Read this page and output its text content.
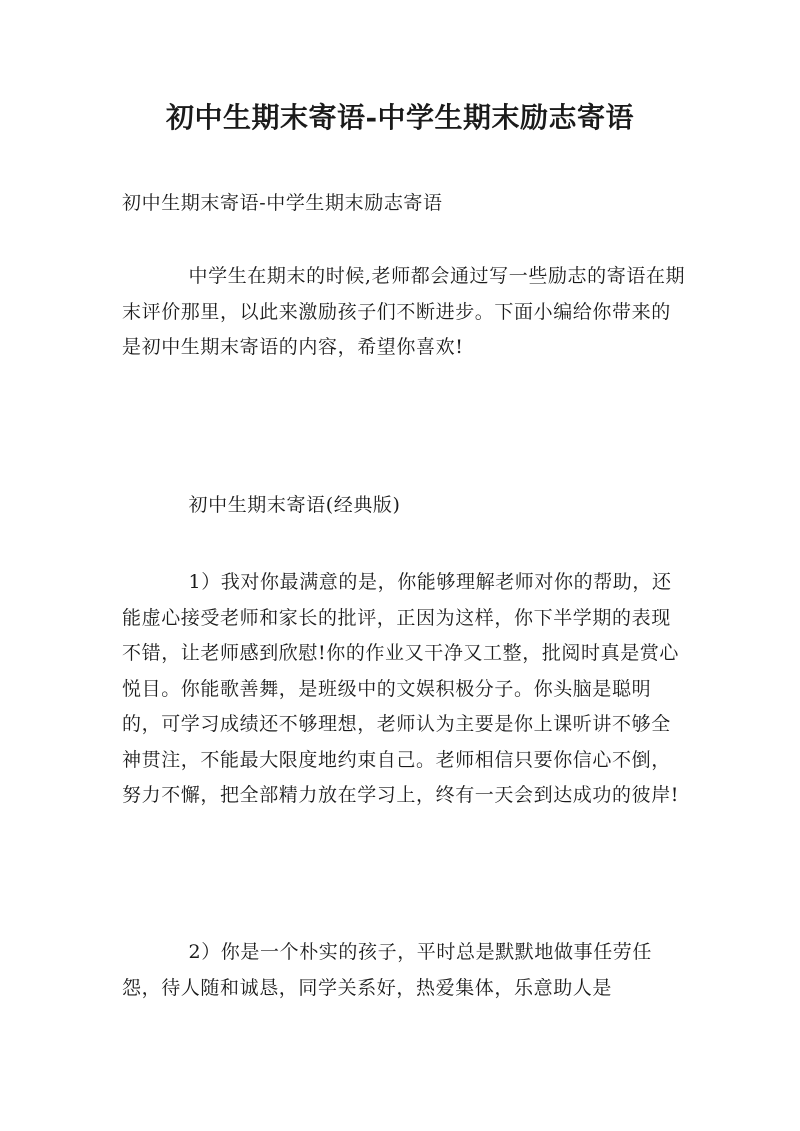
初中生期末寄语-中学生期末励志寄语

初中生期末寄语-中学生期末励志寄语

中学生在期末的时候,老师都会通过写一些励志的寄语在期末评价那里，以此来激励孩子们不断进步。下面小编给你带来的是初中生期末寄语的内容，希望你喜欢!

初中生期末寄语(经典版)

1）我对你最满意的是，你能够理解老师对你的帮助，还能虚心接受老师和家长的批评，正因为这样，你下半学期的表现不错，让老师感到欣慰!你的作业又干净又工整，批阅时真是赏心悦目。你能歌善舞，是班级中的文娱积极分子。你头脑是聪明的，可学习成绩还不够理想，老师认为主要是你上课听讲不够全神贯注，不能最大限度地约束自己。老师相信只要你信心不倒，努力不懈，把全部精力放在学习上，终有一天会到达成功的彼岸!

2）你是一个朴实的孩子，平时总是默默地做事任劳任怨，待人随和诚恳，同学关系好，热爱集体，乐意助人是
